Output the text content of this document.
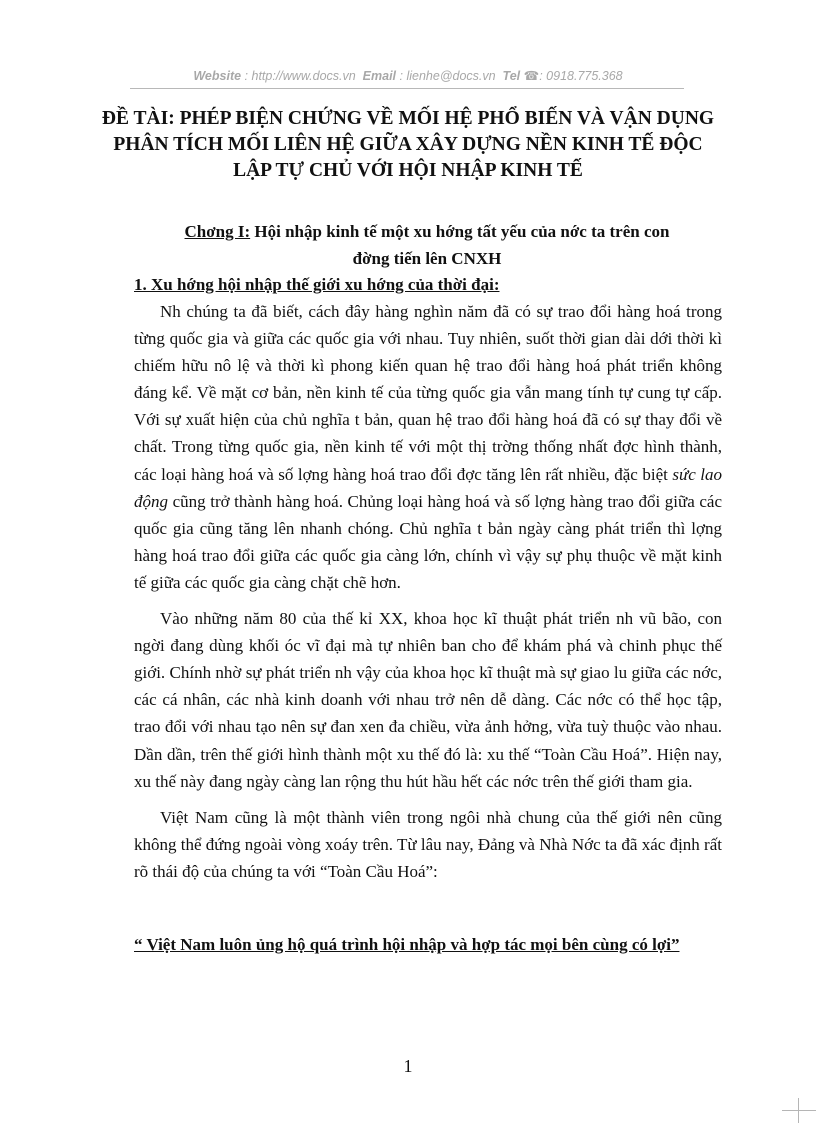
Website : http://www.docs.vn Email : lienhe@docs.vn Tel ☎: 0918.775.368
ĐỀ TÀI: PHÉP BIỆN CHỨNG VỀ MỐI HỆ PHỔ BIẾN VÀ VẬN DỤNG
PHÂN TÍCH MỐI LIÊN HỆ GIỮA XÂY DỰNG NỀN KINH TẾ ĐỘC
LẬP TỰ CHỦ VỚI HỘI NHẬP KINH TẾ
Chơng I: Hội nhập kinh tế một xu hớng tất yếu của nớc ta trên con
đờng tiến lên CNXH
1. Xu hớng hội nhập thế giới xu hớng của thời đại:

Nh chúng ta đã biết, cách đây hàng nghìn năm đã có sự trao đổi hàng hoá trong từng quốc gia và giữa các quốc gia với nhau. Tuy nhiên, suốt thời gian dài dới thời kì chiếm hữu nô lệ và thời kì phong kiến quan hệ trao đổi hàng hoá phát triển không đáng kể. Về mặt cơ bản, nền kinh tế của từng quốc gia vẫn mang tính tự cung tự cấp. Với sự xuất hiện của chủ nghĩa t bản, quan hệ trao đổi hàng hoá đã có sự thay đổi về chất. Trong từng quốc gia, nền kinh tế với một thị trờng thống nhất đợc hình thành, các loại hàng hoá và số lợng hàng hoá trao đổi đợc tăng lên rất nhiều, đặc biệt sức lao động cũng trở thành hàng hoá. Chủng loại hàng hoá và số lợng hàng trao đổi giữa các quốc gia cũng tăng lên nhanh chóng. Chủ nghĩa t bản ngày càng phát triển thì lợng hàng hoá trao đổi giữa các quốc gia càng lớn, chính vì vậy sự phụ thuộc về mặt kinh tế giữa các quốc gia càng chặt chẽ hơn.

Vào những năm 80 của thế kỉ XX, khoa học kĩ thuật phát triển nh vũ bão, con ngời đang dùng khối óc vĩ đại mà tự nhiên ban cho để khám phá và chinh phục thế giới. Chính nhờ sự phát triển nh vậy của khoa học kĩ thuật mà sự giao lu giữa các nớc, các cá nhân, các nhà kinh doanh với nhau trở nên dễ dàng. Các nớc có thể học tập, trao đổi với nhau tạo nên sự đan xen đa chiều, vừa ảnh hởng, vừa tuỳ thuộc vào nhau. Dần dần, trên thế giới hình thành một xu thế đó là: xu thế “Toàn Cầu Hoá”. Hiện nay, xu thế này đang ngày càng lan rộng thu hút hầu hết các nớc trên thế giới tham gia.

Việt Nam cũng là một thành viên trong ngôi nhà chung của thế giới nên cũng không thể đứng ngoài vòng xoáy trên. Từ lâu nay, Đảng và Nhà Nớc ta đã xác định rất rõ thái độ của chúng ta với “Toàn Cầu Hoá”:

“ Việt Nam luôn ủng hộ quá trình hội nhập và hợp tác mọi bên cùng có lợi”
1
